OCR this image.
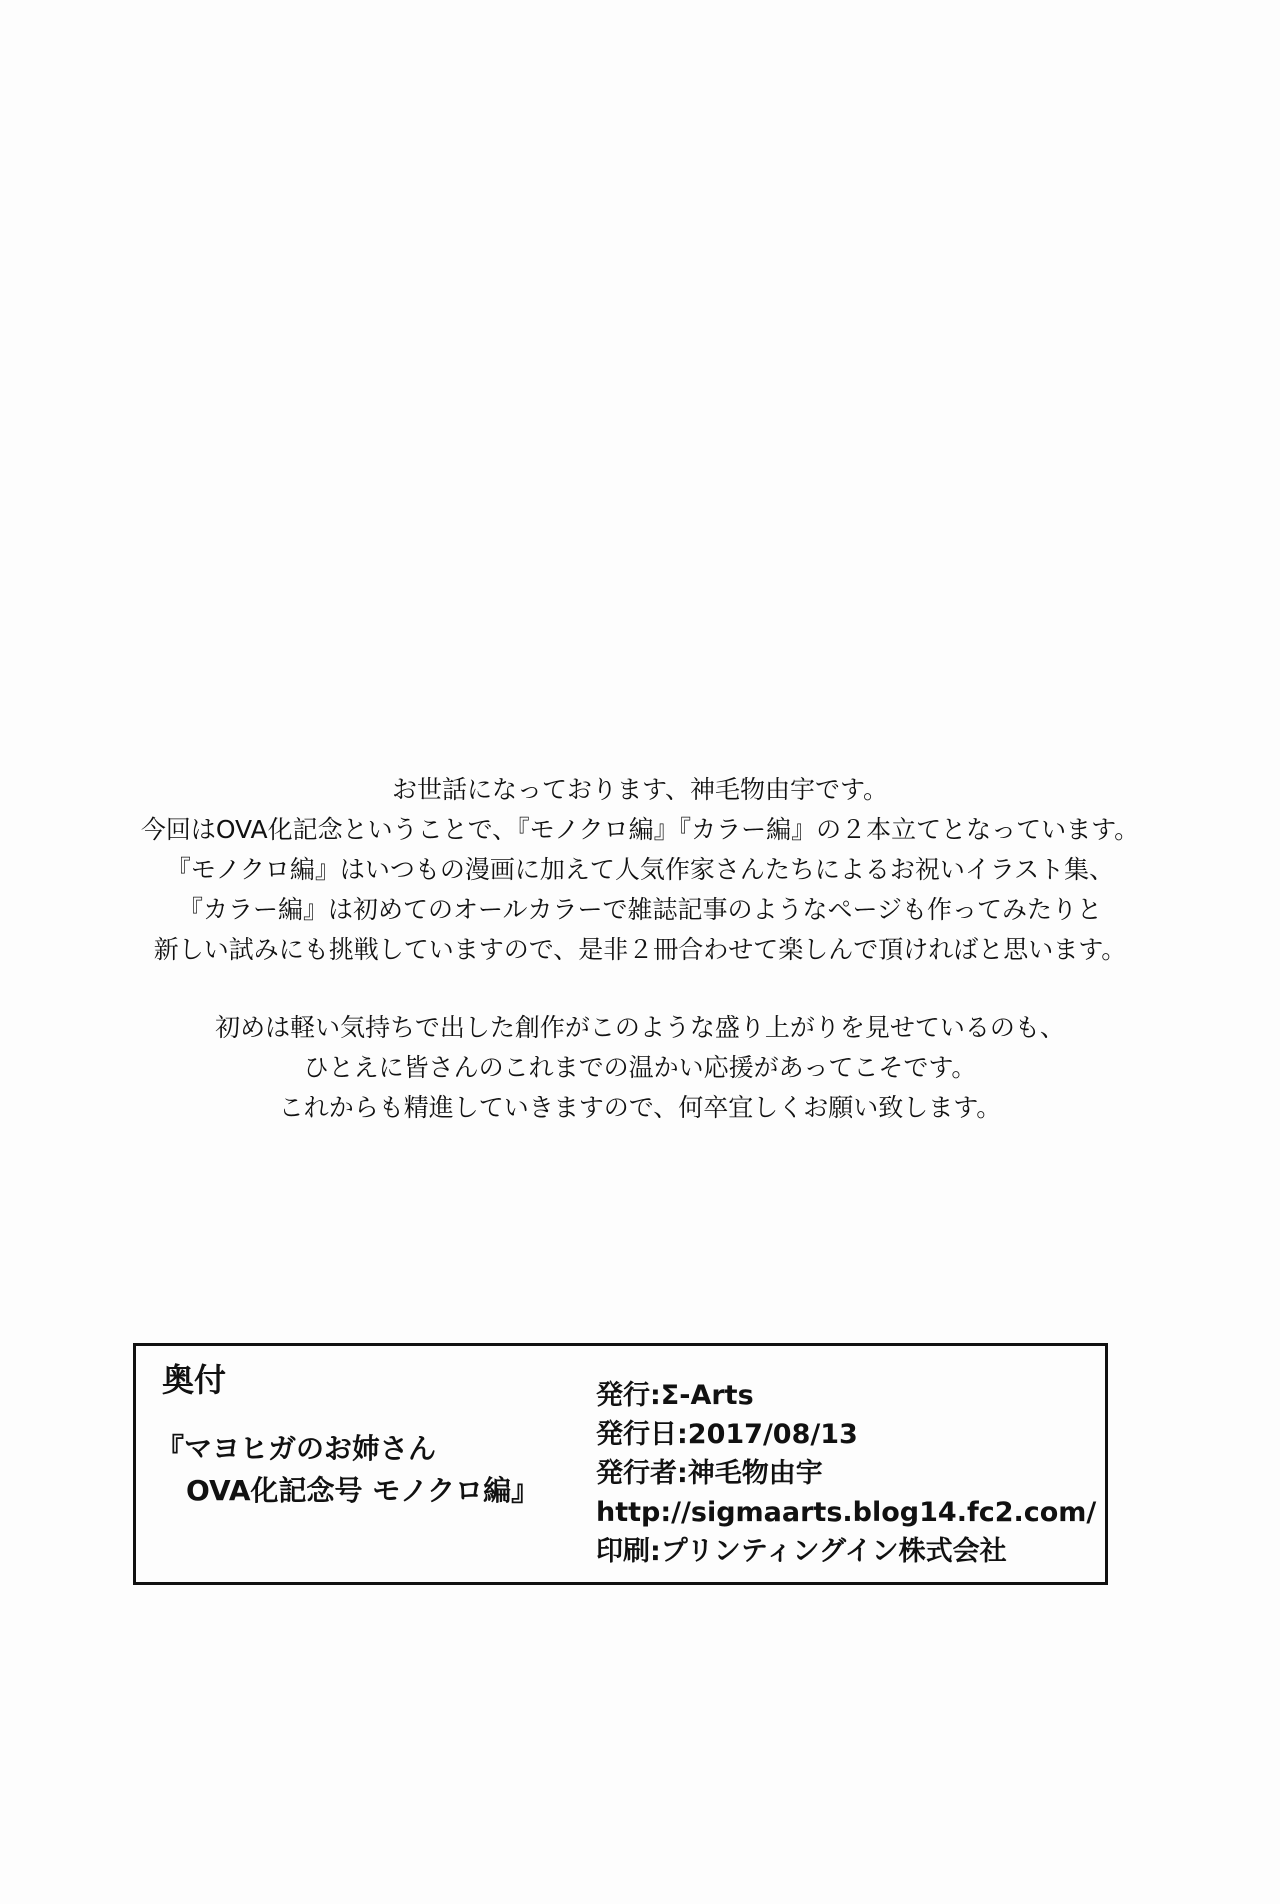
お世話になっております、神毛物由宇です。
今回はOVA化記念ということで、『モノクロ編』『カラー編』の２本立てとなっています。
『モノクロ編』はいつもの漫画に加えて人気作家さんたちによるお祝いイラスト集、
『カラー編』は初めてのオールカラーで雑誌記事のようなページも作ってみたりと
新しい試みにも挑戦していますので、是非２冊合わせて楽しんで頂ければと思います。

初めは軽い気持ちで出した創作がこのような盛り上がりを見せているのも、
ひとえに皆さんのこれまでの温かい応援があってこそです。
これからも精進していきますので、何卒宜しくお願い致します。

奥付
『マヨヒガのお姉さん
OVA化記念号 モノクロ編』
発行:Σ-Arts
発行日:2017/08/13
発行者:神毛物由宇
http://sigmaarts.blog14.fc2.com/
印刷:プリンティングイン株式会社
